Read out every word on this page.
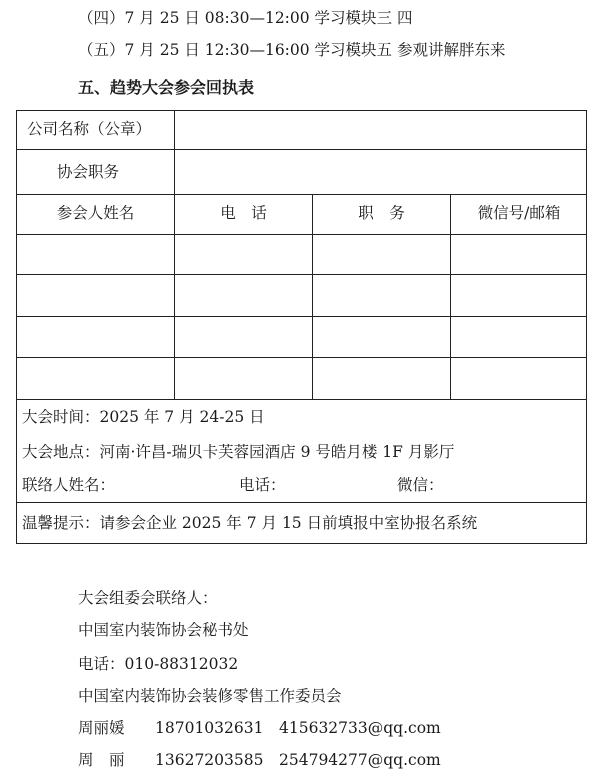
（四）7 月 25 日 08:30—12:00 学习模块三 四
（五）7 月 25 日 12:30—16:00 学习模块五 参观讲解胖东来
五、趋势大会参会回执表
公司名称（公章）
协会职务
参会人姓名	电　话	职　务	微信号/邮箱
大会时间：2025 年 7 月 24-25 日
大会地点：河南·许昌-瑞贝卡芙蓉园酒店 9 号皓月楼 1F 月影厅
联络人姓名：	电话：	微信：
温馨提示：请参会企业 2025 年 7 月 15 日前填报中室协报名系统
大会组委会联络人：
中国室内装饰协会秘书处
电话：010-88312032
中国室内装饰协会装修零售工作委员会
周丽媛 18701032631 415632733@qq.com
周　丽 13627203585 254794277@qq.com
